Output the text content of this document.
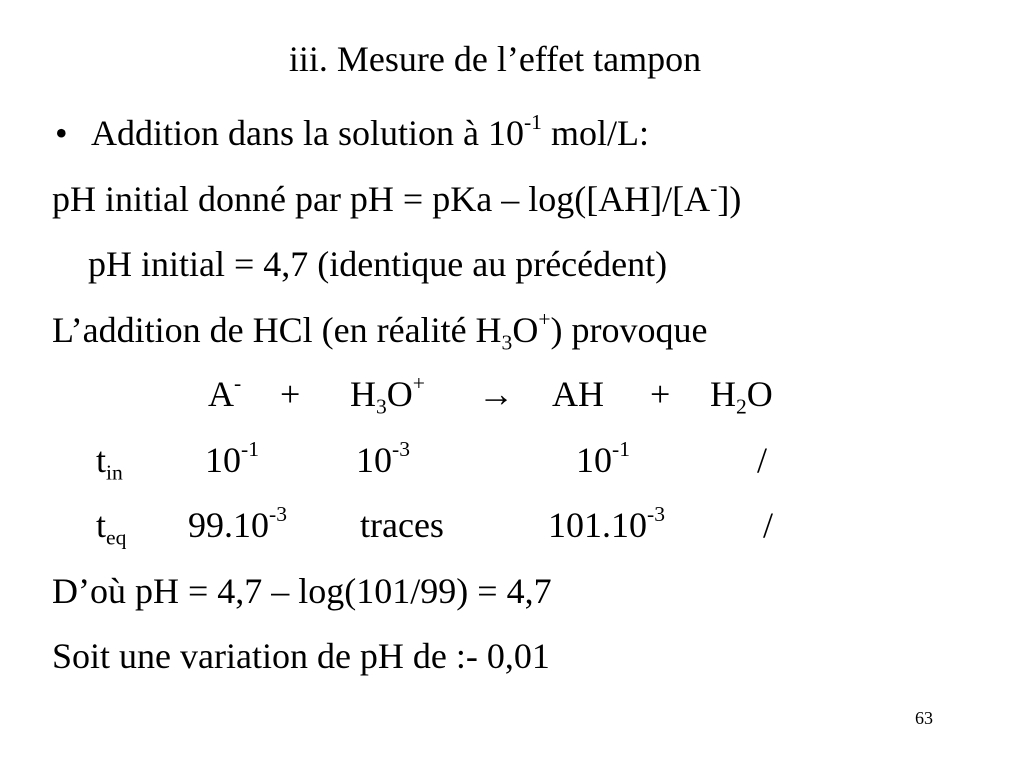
iii. Mesure de l’effet tampon
• Addition dans la solution à $10^{-1}$ mol/L:
pH initial donné par pH = pKa – log([AH]/[A-])
pH initial = 4,7 (identique au précédent)
L’addition de HCl (en réalité $H_3O^+$) provoque
$A^- + H_3O^+$ → AH + $H_2O$
$t_{in}$ $10^{-1}$	$10^{-3}$	$10^{-1}$	/
$t_{eq}$ $99.10^{-3}$ traces	$101.10^{-3}$	/
D’où pH = 4,7 – log(101/99) = 4,7
Soit une variation de pH de :- 0,01
63
